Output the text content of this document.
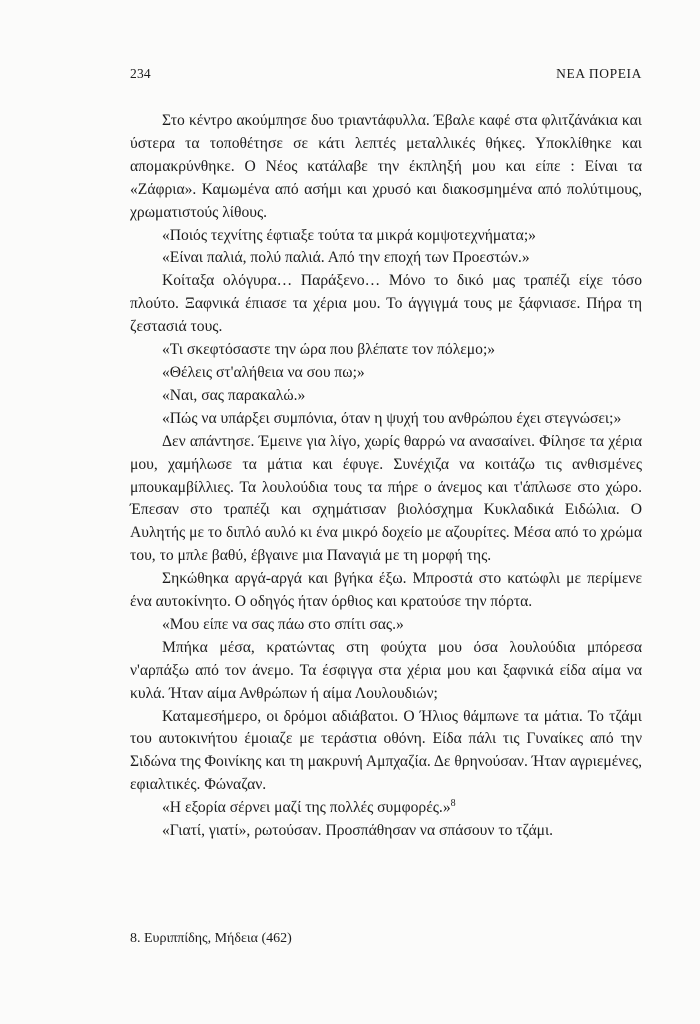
234	ΝΕΑ ΠΟΡΕΙΑ

Στο κέντρο ακούμπησε δυο τριαντάφυλλα. Έβαλε καφέ στα φλιτζάνάκια και ύστερα τα τοποθέτησε σε κάτι λεπτές μεταλλικές θήκες. Υποκλίθηκε και απομακρύνθηκε. Ο Νέος κατάλαβε την έκπληξή μου και είπε : Είναι τα «Ζάφρια». Καμωμένα από ασήμι και χρυσό και διακοσμημένα από πολύτιμους, χρωματιστούς λίθους.

«Ποιός τεχνίτης έφτιαξε τούτα τα μικρά κομψοτεχνήματα;»

«Είναι παλιά, πολύ παλιά. Από την εποχή των Προεστών.»

Κοίταξα ολόγυρα… Παράξενο… Μόνο το δικό μας τραπέζι είχε τόσο πλούτο. Ξαφνικά έπιασε τα χέρια μου. Το άγγιγμά τους με ξάφνιασε. Πήρα τη ζεστασιά τους.

«Τι σκεφτόσαστε την ώρα που βλέπατε τον πόλεμο;»

«Θέλεις στ'αλήθεια να σου πω;»

«Ναι, σας παρακαλώ.»

«Πώς να υπάρξει συμπόνια, όταν η ψυχή του ανθρώπου έχει στεγνώσει;»

Δεν απάντησε. Έμεινε για λίγο, χωρίς θαρρώ να ανασαίνει. Φίλησε τα χέρια μου, χαμήλωσε τα μάτια και έφυγε. Συνέχιζα να κοιτάζω τις ανθισμένες μπουκαμβίλλιες. Τα λουλούδια τους τα πήρε ο άνεμος και τ'άπλωσε στο χώρο. Έπεσαν στο τραπέζι και σχημάτισαν βιολόσχημα Κυκλαδικά Ειδώλια. Ο Αυλητής με το διπλό αυλό κι ένα μικρό δοχείο με αζουρίτες. Μέσα από το χρώμα του, το μπλε βαθύ, έβγαινε μια Παναγιά με τη μορφή της.

Σηκώθηκα αργά-αργά και βγήκα έξω. Μπροστά στο κατώφλι με περίμενε ένα αυτοκίνητο. Ο οδηγός ήταν όρθιος και κρατούσε την πόρτα.

«Μου είπε να σας πάω στο σπίτι σας.»

Μπήκα μέσα, κρατώντας στη φούχτα μου όσα λουλούδια μπόρεσα ν'αρπάξω από τον άνεμο. Τα έσφιγγα στα χέρια μου και ξαφνικά είδα αίμα να κυλά. Ήταν αίμα Ανθρώπων ή αίμα Λουλουδιών;

Καταμεσήμερο, οι δρόμοι αδιάβατοι. Ο Ήλιος θάμπωνε τα μάτια. Το τζάμι του αυτοκινήτου έμοιαζε με τεράστια οθόνη. Είδα πάλι τις Γυναίκες από την Σιδώνα της Φοινίκης και τη μακρυνή Αμπχαζία. Δε θρηνούσαν. Ήταν αγριεμένες, εφιαλτικές. Φώναζαν.

«Η εξορία σέρνει μαζί της πολλές συμφορές.»$^8$

«Γιατί, γιατί», ρωτούσαν. Προσπάθησαν να σπάσουν το τζάμι.

8. Ευριππίδης, Μήδεια (462)
